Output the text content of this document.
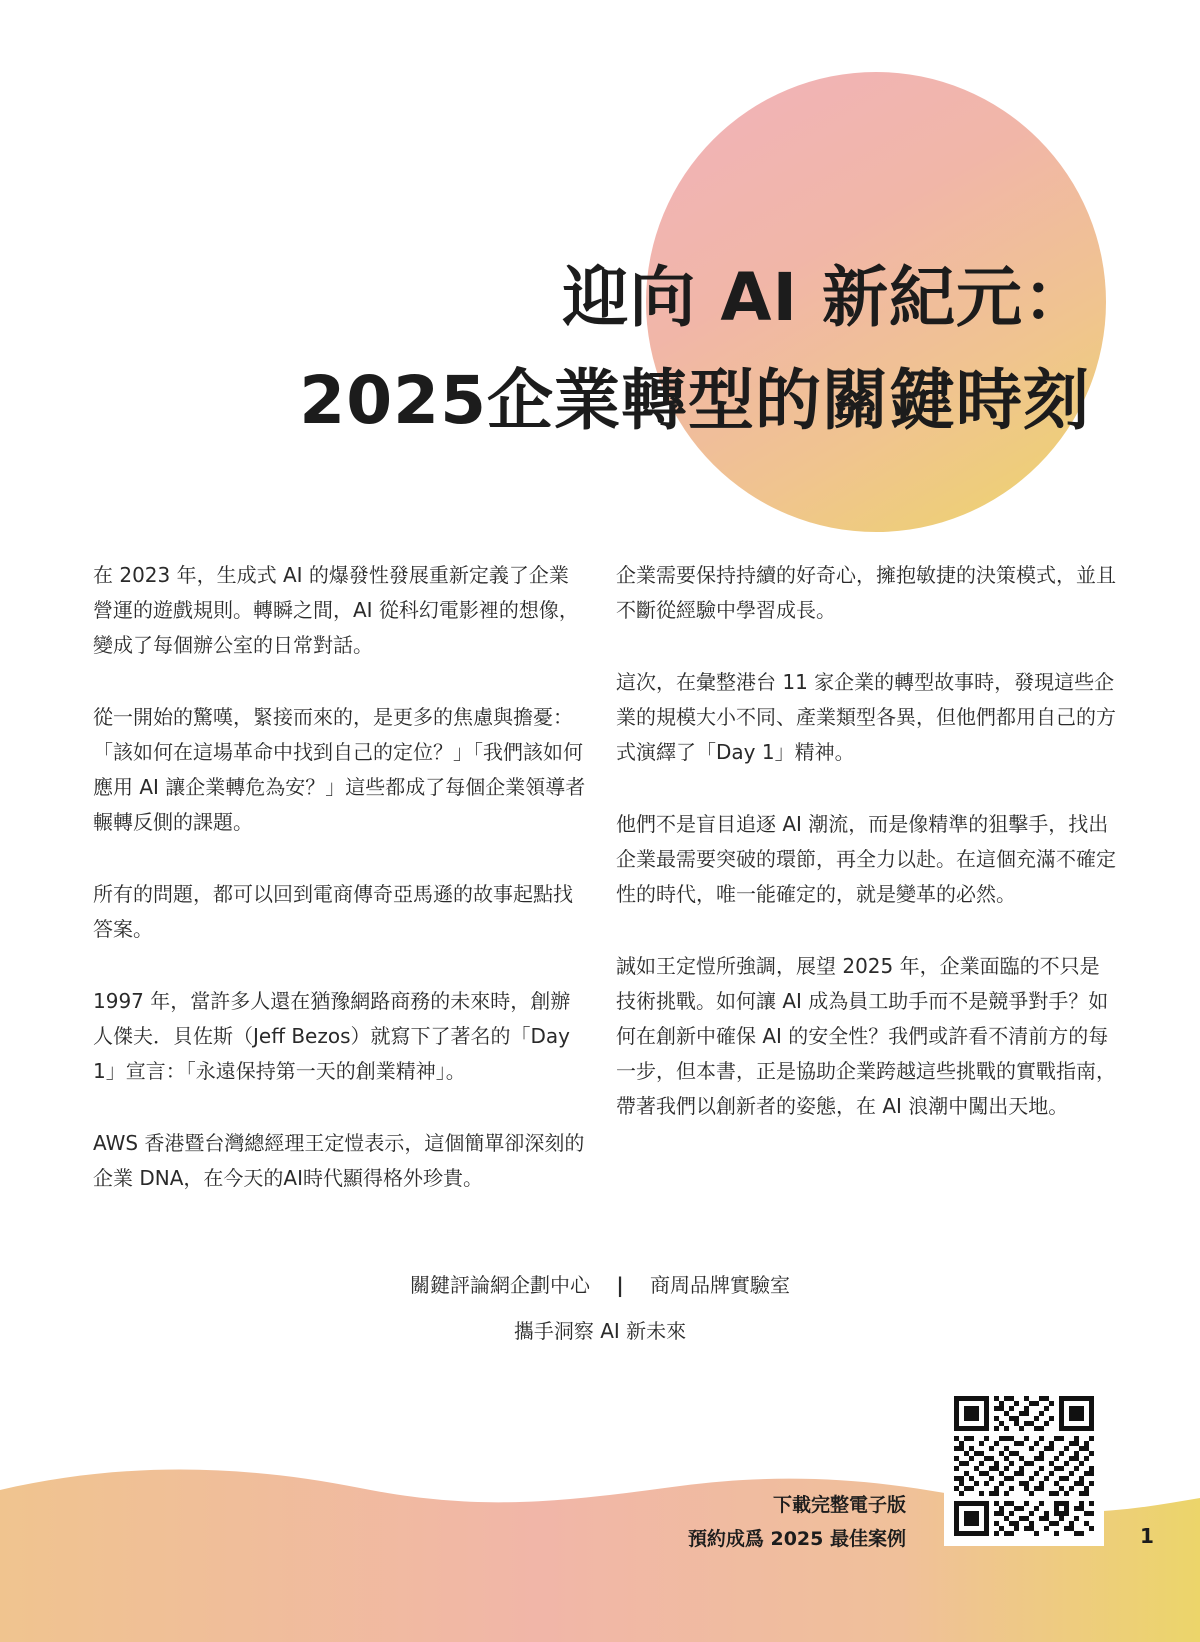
迎向 AI 新紀元：
2025企業轉型的關鍵時刻

在 2023 年，生成式 AI 的爆發性發展重新定義了企業營運的遊戲規則。轉瞬之間，AI 從科幻電影裡的想像，變成了每個辦公室的日常對話。

從一開始的驚嘆，緊接而來的，是更多的焦慮與擔憂：「該如何在這場革命中找到自己的定位？」「我們該如何應用 AI 讓企業轉危為安？」這些都成了每個企業領導者輾轉反側的課題。

所有的問題，都可以回到電商傳奇亞馬遜的故事起點找答案。

1997 年，當許多人還在猶豫網路商務的未來時，創辦人傑夫．貝佐斯（Jeff Bezos）就寫下了著名的「Day 1」宣言：「永遠保持第一天的創業精神」。

AWS 香港暨台灣總經理王定愷表示，這個簡單卻深刻的企業 DNA，在今天的AI時代顯得格外珍貴。

企業需要保持持續的好奇心，擁抱敏捷的決策模式，並且不斷從經驗中學習成長。

這次，在彙整港台 11 家企業的轉型故事時，發現這些企業的規模大小不同、產業類型各異，但他們都用自己的方式演繹了「Day 1」精神。

他們不是盲目追逐 AI 潮流，而是像精準的狙擊手，找出企業最需要突破的環節，再全力以赴。在這個充滿不確定性的時代，唯一能確定的，就是變革的必然。

誠如王定愷所強調，展望 2025 年，企業面臨的不只是技術挑戰。如何讓 AI 成為員工助手而不是競爭對手？如何在創新中確保 AI 的安全性？我們或許看不清前方的每一步，但本書，正是協助企業跨越這些挑戰的實戰指南，帶著我們以創新者的姿態，在 AI 浪潮中闖出天地。

關鍵評論網企劃中心 | 商周品牌實驗室
攜手洞察 AI 新未來
下載完整電子版
預約成爲 2025 最佳案例	1
